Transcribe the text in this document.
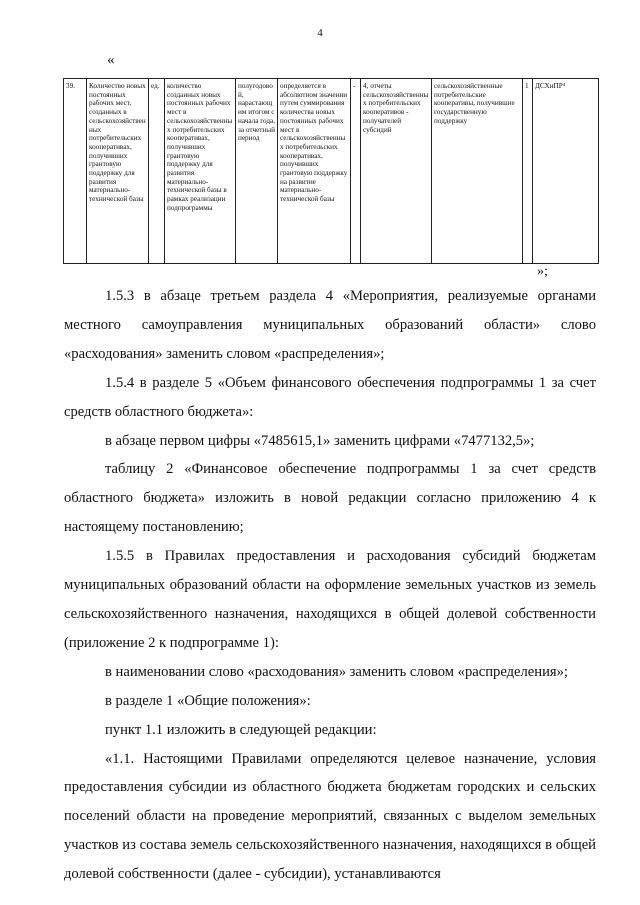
4
«
39.	Количество новых постоянных рабочих мест, созданных в сельскохозяйственных потребительских кооперативах, получивших грантовую поддержку для развития материально-технической базы	ед.	количество созданных новых постоянных рабочих мест в сельскохозяйственных потребительских кооперативах, получивших грантовую поддержку для развития материально-технической базы в рамках реализации подпрограммы	полугодовой, нарастающим итогом с начала года, за отчетный период	определяется в абсолютном значении путем суммирования количества новых постоянных рабочих мест в сельскохозяйственных потребительских кооперативах, получивших грантовую поддержку на развитие материально-технической базы	-	4, отчеты сельскохозяйственных потребительских кооперативов - получателей субсидий	сельскохозяйственные потребительские кооперативы, получившие государственную поддержку	1	ДСХиПР⁴
»;

1.5.3 в абзаце третьем раздела 4 «Мероприятия, реализуемые органами местного самоуправления муниципальных образований области» слово «расходования» заменить словом «распределения»;

1.5.4 в разделе 5 «Объем финансового обеспечения подпрограммы 1 за счет средств областного бюджета»:

в абзаце первом цифры «7485615,1» заменить цифрами «7477132,5»;

таблицу 2 «Финансовое обеспечение подпрограммы 1 за счет средств областного бюджета» изложить в новой редакции согласно приложению 4 к настоящему постановлению;

1.5.5 в Правилах предоставления и расходования субсидий бюджетам муниципальных образований области на оформление земельных участков из земель сельскохозяйственного назначения, находящихся в общей долевой собственности (приложение 2 к подпрограмме 1):

в наименовании слово «расходования» заменить словом «распределения»;

в разделе 1 «Общие положения»:

пункт 1.1 изложить в следующей редакции:

«1.1. Настоящими Правилами определяются целевое назначение, условия предоставления субсидии из областного бюджета бюджетам городских и сельских поселений области на проведение мероприятий, связанных с выделом земельных участков из состава земель сельскохозяйственного назначения, находящихся в общей долевой собственности (далее - субсидии), устанавливаются
